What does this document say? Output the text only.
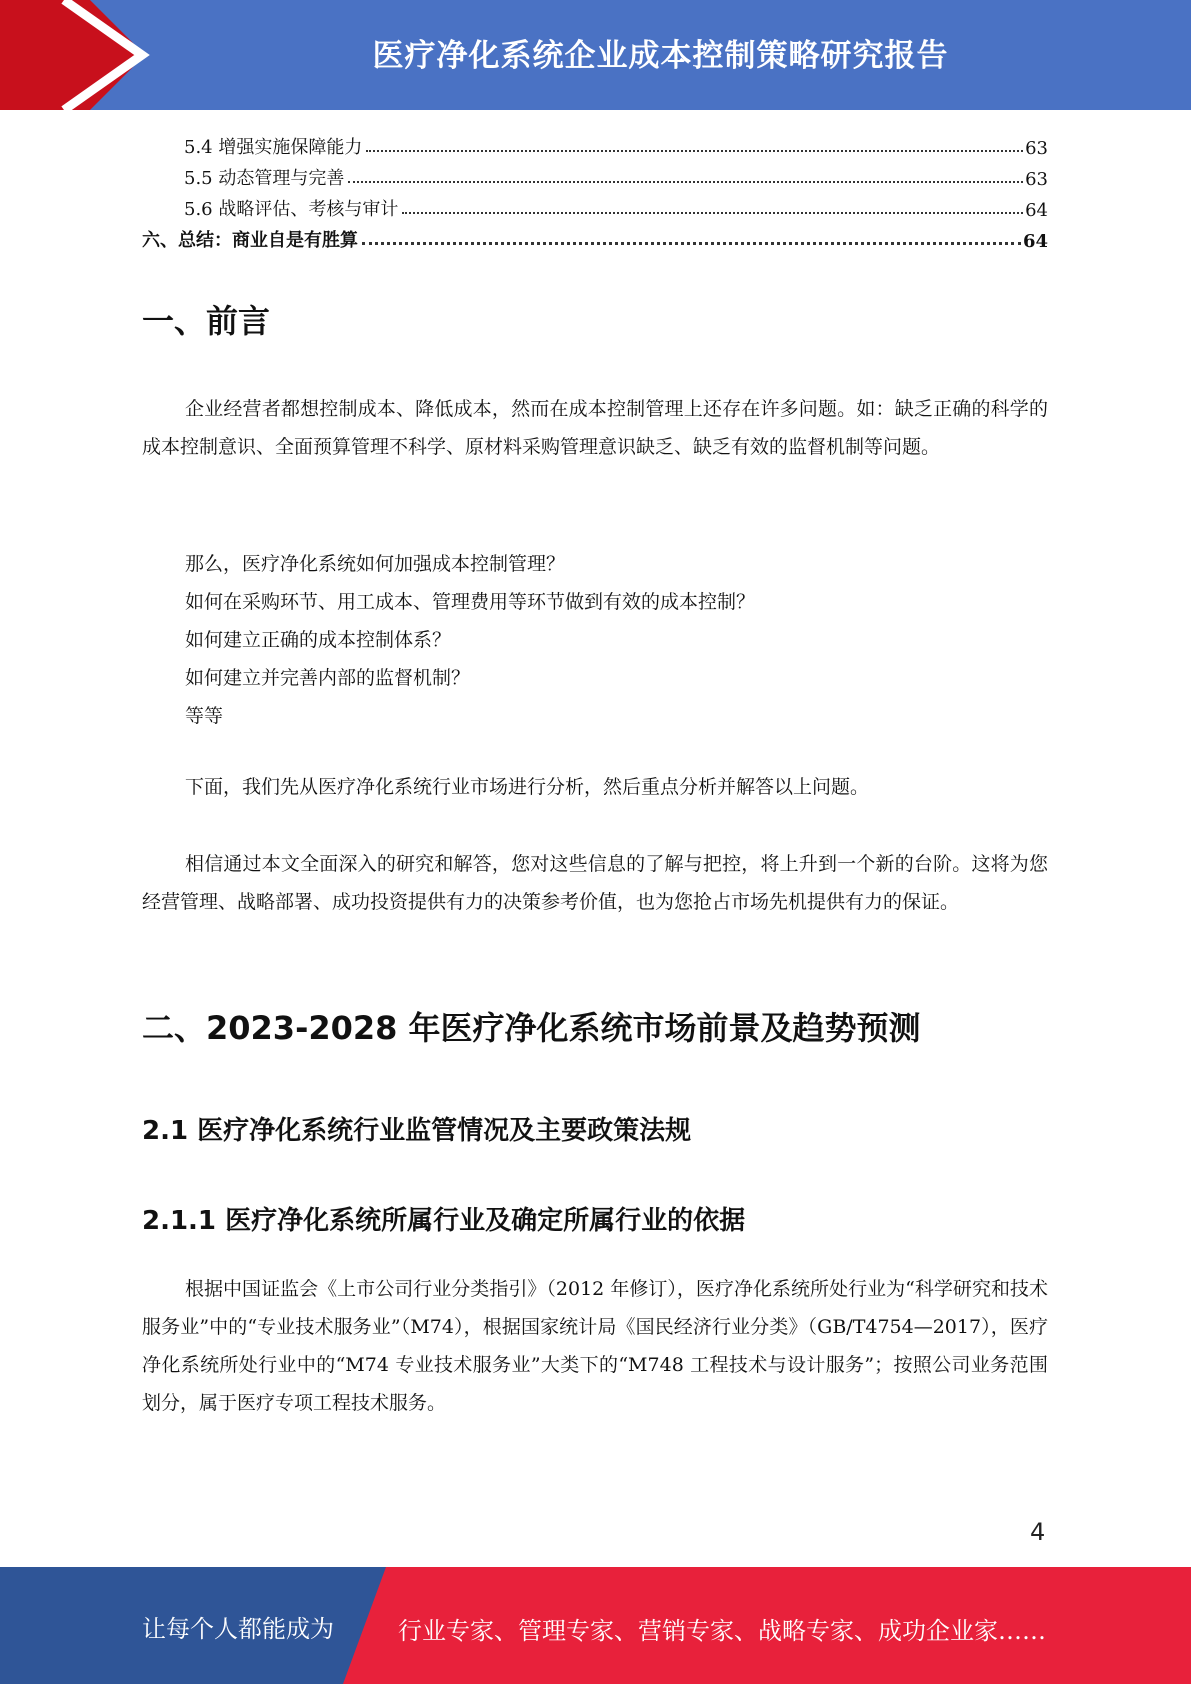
医疗净化系统企业成本控制策略研究报告
5.4 增强实施保障能力	63
5.5 动态管理与完善	63
5.6 战略评估、考核与审计	64
六、总结：商业自是有胜算	64
一、前言

企业经营者都想控制成本、降低成本，然而在成本控制管理上还存在许多问题。如：缺乏正确的科学的成本控制意识、全面预算管理不科学、原材料采购管理意识缺乏、缺乏有效的监督机制等问题。

那么，医疗净化系统如何加强成本控制管理？
如何在采购环节、用工成本、管理费用等环节做到有效的成本控制？
如何建立正确的成本控制体系？
如何建立并完善内部的监督机制？
等等

下面，我们先从医疗净化系统行业市场进行分析，然后重点分析并解答以上问题。

相信通过本文全面深入的研究和解答，您对这些信息的了解与把控，将上升到一个新的台阶。这将为您经营管理、战略部署、成功投资提供有力的决策参考价值，也为您抢占市场先机提供有力的保证。

二、2023-2028 年医疗净化系统市场前景及趋势预测
2.1 医疗净化系统行业监管情况及主要政策法规
2.1.1 医疗净化系统所属行业及确定所属行业的依据

根据中国证监会《上市公司行业分类指引》（2012 年修订），医疗净化系统所处行业为“科学研究和技术服务业”中的“专业技术服务业”（M74），根据国家统计局《国民经济行业分类》（GB/T4754—2017），医疗净化系统所处行业中的“M74 专业技术服务业”大类下的“M748 工程技术与设计服务”；按照公司业务范围划分，属于医疗专项工程技术服务。

4
让每个人都能成为	行业专家、管理专家、营销专家、战略专家、成功企业家……
